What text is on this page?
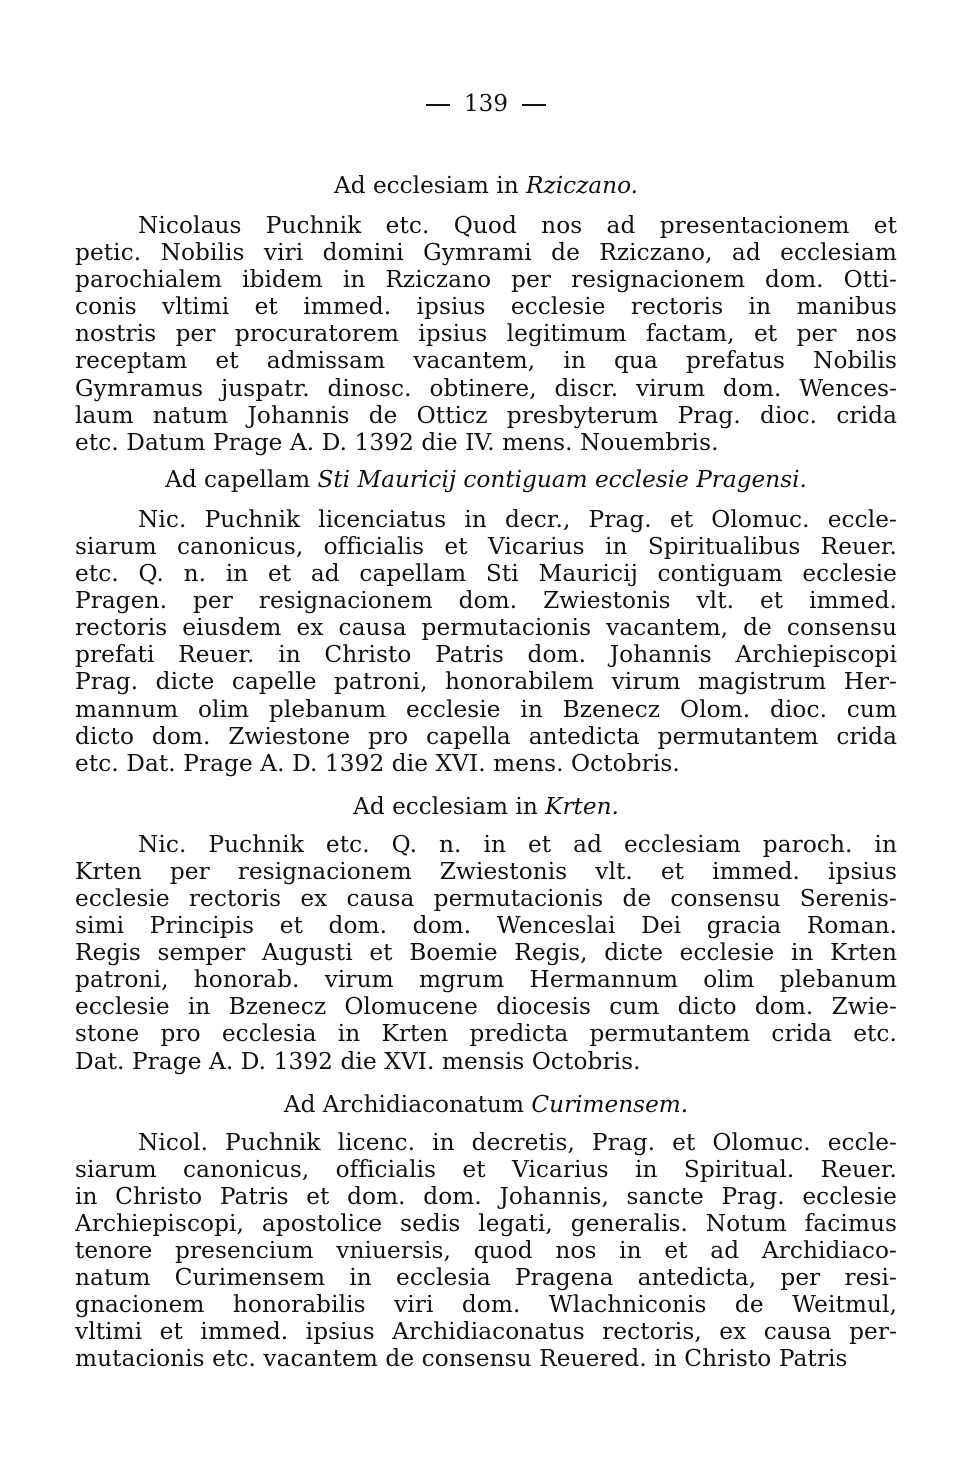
139
Ad ecclesiam in Rziczano.
Nicolaus Puchnik etc. Quod nos ad presentacionem et
petic. Nobilis viri domini Gymrami de Rziczano, ad ecclesiam
parochialem ibidem in Rziczano per resignacionem dom. Otti-
conis vltimi et immed. ipsius ecclesie rectoris in manibus
nostris per procuratorem ipsius legitimum factam, et per nos
receptam et admissam vacantem, in qua prefatus Nobilis
Gymramus juspatr. dinosc. obtinere, discr. virum dom. Wences-
laum natum Johannis de Otticz presbyterum Prag. dioc. crida
etc. Datum Prage A. D. 1392 die IV. mens. Nouembris.
Ad capellam Sti Mauricij contiguam ecclesie Pragensi.
Nic. Puchnik licenciatus in decr., Prag. et Olomuc. eccle-
siarum canonicus, officialis et Vicarius in Spiritualibus Reuer.
etc. Q. n. in et ad capellam Sti Mauricij contiguam ecclesie
Pragen. per resignacionem dom. Zwiestonis vlt. et immed.
rectoris eiusdem ex causa permutacionis vacantem, de consensu
prefati Reuer. in Christo Patris dom. Johannis Archiepiscopi
Prag. dicte capelle patroni, honorabilem virum magistrum Her-
mannum olim plebanum ecclesie in Bzenecz Olom. dioc. cum
dicto dom. Zwiestone pro capella antedicta permutantem crida
etc. Dat. Prage A. D. 1392 die XVI. mens. Octobris.
Ad ecclesiam in Krten.
Nic. Puchnik etc. Q. n. in et ad ecclesiam paroch. in
Krten per resignacionem Zwiestonis vlt. et immed. ipsius
ecclesie rectoris ex causa permutacionis de consensu Serenis-
simi Principis et dom. dom. Wenceslai Dei gracia Roman.
Regis semper Augusti et Boemie Regis, dicte ecclesie in Krten
patroni, honorab. virum mgrum Hermannum olim plebanum
ecclesie in Bzenecz Olomucene diocesis cum dicto dom. Zwie-
stone pro ecclesia in Krten predicta permutantem crida etc.
Dat. Prage A. D. 1392 die XVI. mensis Octobris.
Ad Archidiaconatum Curimensem.
Nicol. Puchnik licenc. in decretis, Prag. et Olomuc. eccle-
siarum canonicus, officialis et Vicarius in Spiritual. Reuer.
in Christo Patris et dom. dom. Johannis, sancte Prag. ecclesie
Archiepiscopi, apostolice sedis legati, generalis. Notum facimus
tenore presencium vniuersis, quod nos in et ad Archidiaco-
natum Curimensem in ecclesia Pragena antedicta, per resi-
gnacionem honorabilis viri dom. Wlachniconis de Weitmul,
vltimi et immed. ipsius Archidiaconatus rectoris, ex causa per-
mutacionis etc. vacantem de consensu Reuered. in Christo Patris
